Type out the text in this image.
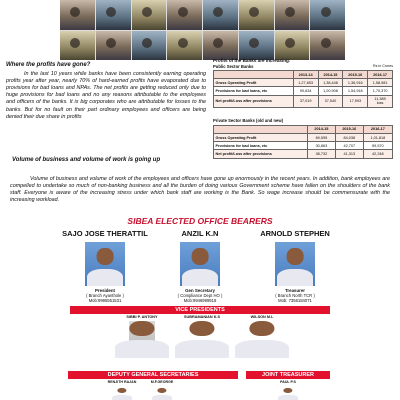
Where the profits have gone?

In the last 10 years while banks have been consistently earning operating profits year after year, nearly 70% of hard-earned profits have evaporated due to provisions for bad loans and NPAs. The net profits are getting reduced only due to huge provisions for bad loans and no any reasons attributable to the employees and officers of the banks. It is big corporates who are attributable for losses to the banks. But for no fault on their part ordinary employees and officers are being denied their due share in profits

Volume of business and volume of work is going up
Profits of the Banks are increasing:
Public Sector Banks	Rs in Crores
	2013-14	2014-15	2015-16	2016-17
Gross Operating Profit	1,27,653	1,38,448	1,36,916	1,58,981
Provisions for bad loans, etc	90,634	1,00,908	1,54,918	1,70,370
Net profit/Loss after provisions	37,019	37,540	17,993	11,389
loss
Private Sector Banks (old and new)
	2014-15	2015-16	2016-17
Gross Operating Profit	69,595	84,038	1,01,818
Provisions for bad loans, etc	30,863	42,707	59,570
Net profit/Loss after provisions	38,732	41,313	42,248
Volume of business and volume of work of the employees and officers have gone up enormously in the recent years. In addition, bank employees are compelled to undertake so much of non-banking business and all the burden of doing various Government scheme have fallen on the shoulders of the bank staff. Everyone is aware of the increasing stress under which bank staff are working is the Bank. So wage increase should be commensurate with the increasing workload.
SIBEA ELECTED OFFICE BEARERS
SAJO JOSE THERATTIL
President
( Branch Ayanthole )
Mob:9995551531
ANZIL K.N
Gen Secretary
( Compliance Dept HO )
Mob:9946999918
ARNOLD STEPHEN
Treasurer
( Branch North TCR )
Mob: 7356184071
VICE PRESIDENTS
SIBBI P. ANTONY	SUBRAMANIAN K.S	WILSON M.L
DEPUTY GENERAL SECRETARIES	JOINT TREASURER
RENJITH RAJAN	M.F.GEORGE	PAUL P.S
